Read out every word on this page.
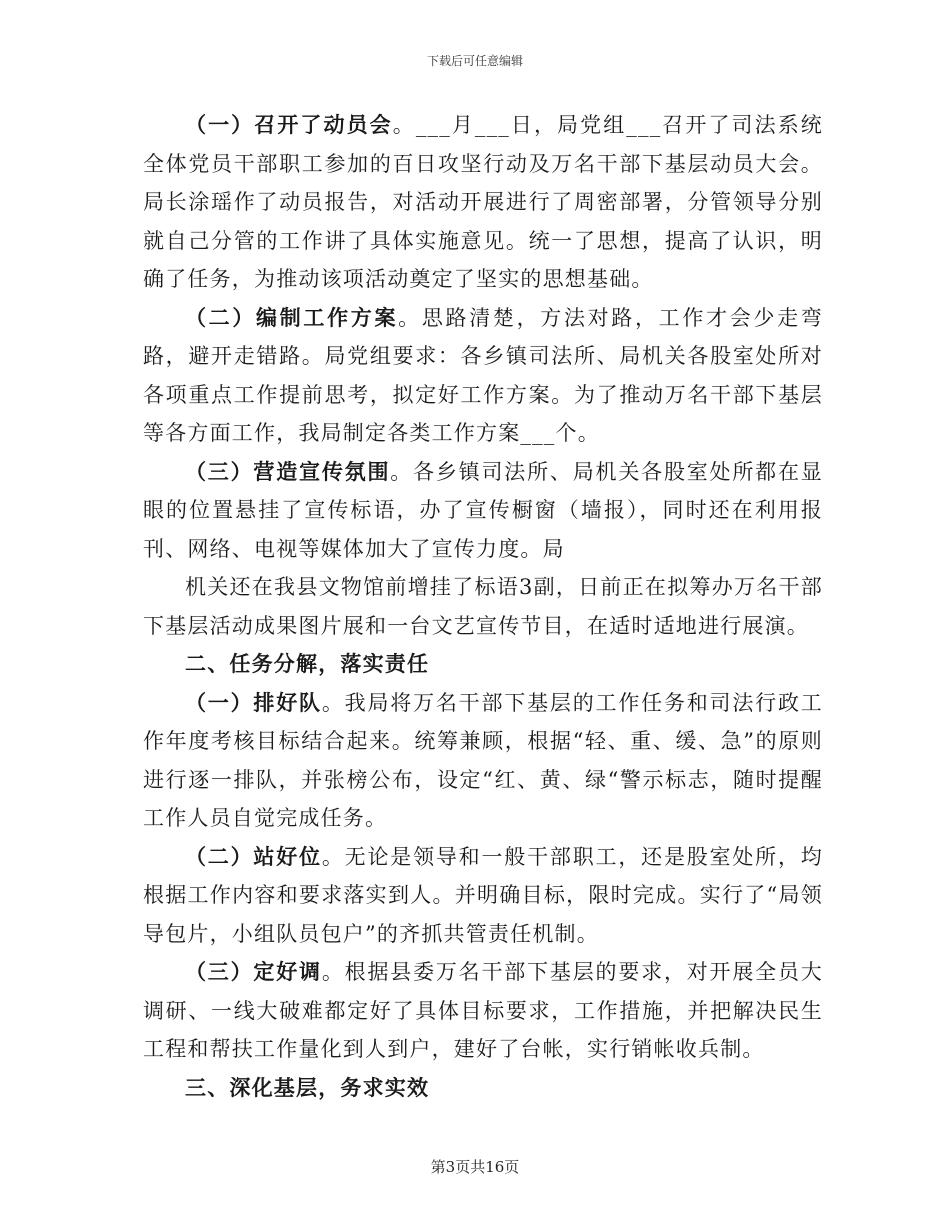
下载后可任意编辑

（一）召开了动员会。___月___日，局党组___召开了司法系统全体党员干部职工参加的百日攻坚行动及万名干部下基层动员大会。局长涂瑶作了动员报告，对活动开展进行了周密部署，分管领导分别就自己分管的工作讲了具体实施意见。统一了思想，提高了认识，明确了任务，为推动该项活动奠定了坚实的思想基础。

（二）编制工作方案。思路清楚，方法对路，工作才会少走弯路，避开走错路。局党组要求：各乡镇司法所、局机关各股室处所对各项重点工作提前思考，拟定好工作方案。为了推动万名干部下基层等各方面工作，我局制定各类工作方案___个。

（三）营造宣传氛围。各乡镇司法所、局机关各股室处所都在显眼的位置悬挂了宣传标语，办了宣传橱窗（墙报），同时还在利用报刊、网络、电视等媒体加大了宣传力度。局

机关还在我县文物馆前增挂了标语3副，日前正在拟筹办万名干部下基层活动成果图片展和一台文艺宣传节目，在适时适地进行展演。

二、任务分解，落实责任

（一）排好队。我局将万名干部下基层的工作任务和司法行政工作年度考核目标结合起来。统筹兼顾，根据“轻、重、缓、急”的原则进行逐一排队，并张榜公布，设定“红、黄、绿“警示标志，随时提醒工作人员自觉完成任务。

（二）站好位。无论是领导和一般干部职工，还是股室处所，均根据工作内容和要求落实到人。并明确目标，限时完成。实行了“局领导包片，小组队员包户”的齐抓共管责任机制。

（三）定好调。根据县委万名干部下基层的要求，对开展全员大调研、一线大破难都定好了具体目标要求，工作措施，并把解决民生工程和帮扶工作量化到人到户，建好了台帐，实行销帐收兵制。

三、深化基层，务求实效

第3页共16页
